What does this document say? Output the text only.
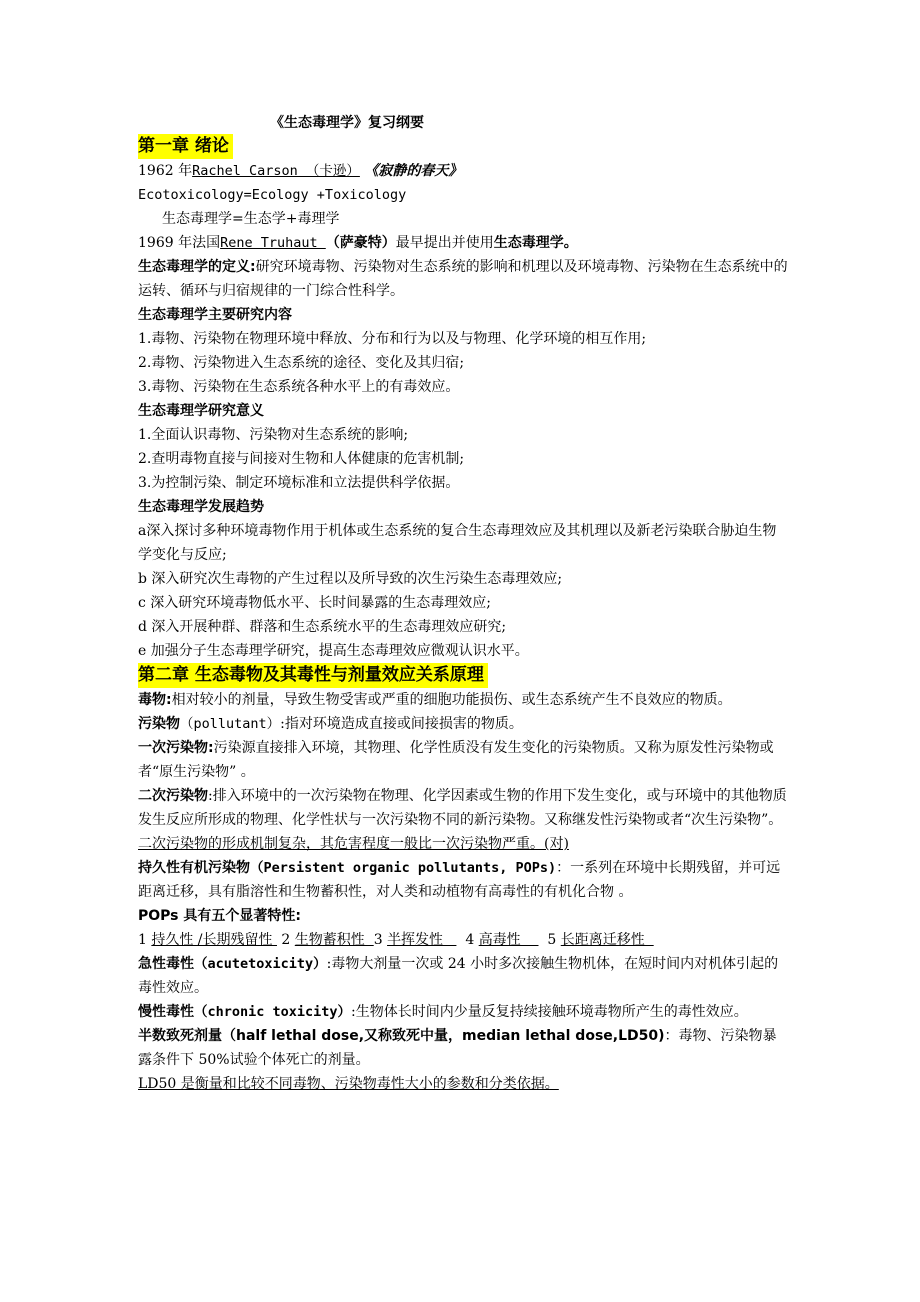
《生态毒理学》复习纲要
第一章 绪论
1962 年Rachel Carson （卡逊） 《寂静的春天》
Ecotoxicology=Ecology +Toxicology
生态毒理学=生态学+毒理学
1969 年法国Rene Truhaut （萨豪特）最早提出并使用生态毒理学。
生态毒理学的定义:研究环境毒物、污染物对生态系统的影响和机理以及环境毒物、污染物在生态系统中的运转、循环与归宿规律的一门综合性科学。
生态毒理学主要研究内容
1.毒物、污染物在物理环境中释放、分布和行为以及与物理、化学环境的相互作用;
2.毒物、污染物进入生态系统的途径、变化及其归宿;
3.毒物、污染物在生态系统各种水平上的有毒效应。
生态毒理学研究意义
1.全面认识毒物、污染物对生态系统的影响;
2.查明毒物直接与间接对生物和人体健康的危害机制;
3.为控制污染、制定环境标准和立法提供科学依据。
生态毒理学发展趋势
a深入探讨多种环境毒物作用于机体或生态系统的复合生态毒理效应及其机理以及新老污染联合胁迫生物学变化与反应;
b 深入研究次生毒物的产生过程以及所导致的次生污染生态毒理效应;
c 深入研究环境毒物低水平、长时间暴露的生态毒理效应;
d 深入开展种群、群落和生态系统水平的生态毒理效应研究;
e 加强分子生态毒理学研究，提高生态毒理效应微观认识水平。
第二章 生态毒物及其毒性与剂量效应关系原理
毒物:相对较小的剂量，导致生物受害或严重的细胞功能损伤、或生态系统产生不良效应的物质。
污染物（pollutant）:指对环境造成直接或间接损害的物质。
一次污染物:污染源直接排入环境，其物理、化学性质没有发生变化的污染物质。又称为原发性污染物或者“原生污染物” 。
二次污染物:排入环境中的一次污染物在物理、化学因素或生物的作用下发生变化，或与环境中的其他物质发生反应所形成的物理、化学性状与一次污染物不同的新污染物。又称继发性污染物或者“次生污染物”。
二次污染物的形成机制复杂，其危害程度一般比一次污染物严重。(对)
持久性有机污染物（Persistent organic pollutants, POPs)：一系列在环境中长期残留，并可远距离迁移，具有脂溶性和生物蓄积性，对人类和动植物有高毒性的有机化合物 。
POPs 具有五个显著特性:
1 持久性 /长期残留性  2 生物蓄积性  3 半挥发性     4 高毒性      5 长距离迁移性
急性毒性（acutetoxicity）:毒物大剂量一次或 24 小时多次接触生物机体，在短时间内对机体引起的毒性效应。
慢性毒性（chronic toxicity）:生物体长时间内少量反复持续接触环境毒物所产生的毒性效应。
半数致死剂量（half lethal dose,又称致死中量，median lethal dose,LD50)：毒物、污染物暴露条件下 50%试验个体死亡的剂量。
LD50 是衡量和比较不同毒物、污染物毒性大小的参数和分类依据。
